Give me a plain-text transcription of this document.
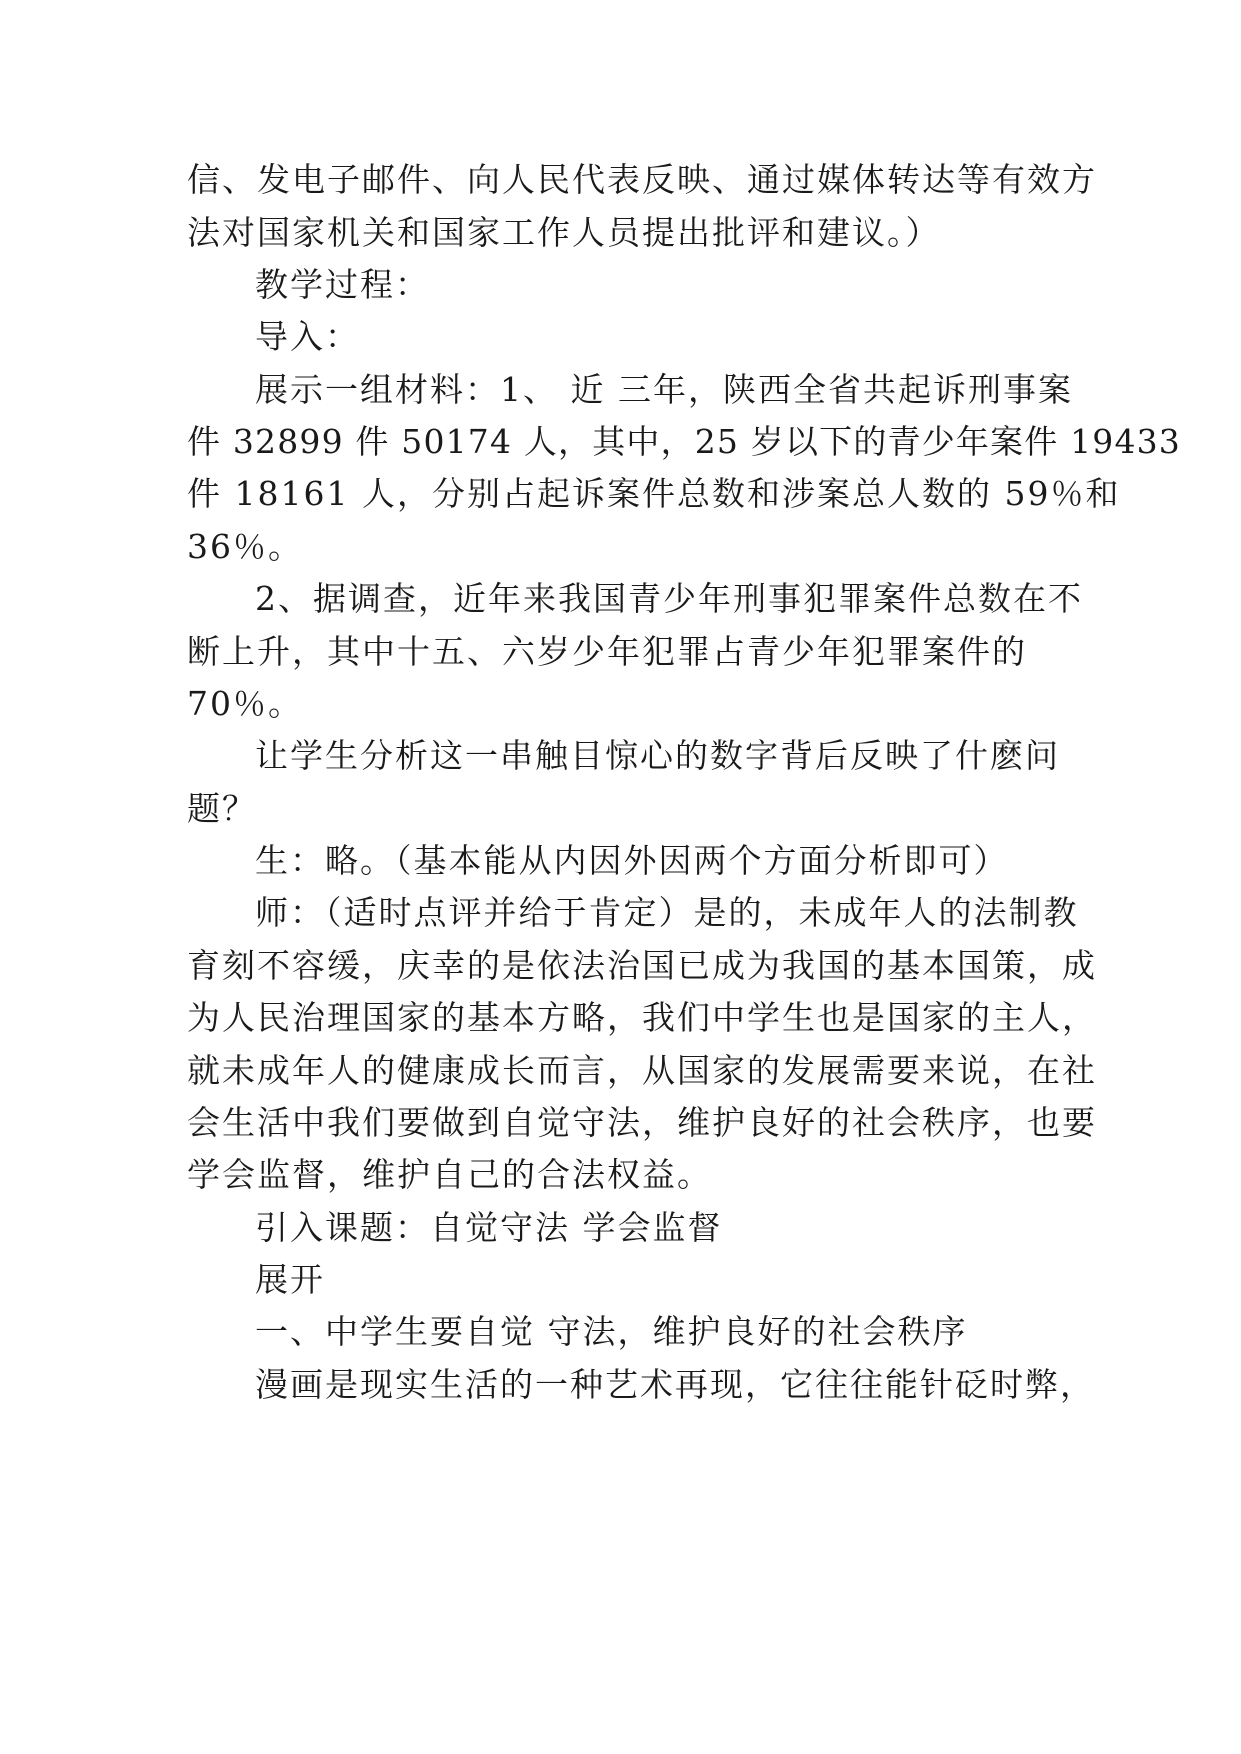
信、发电子邮件、向人民代表反映、通过媒体转达等有效方
法对国家机关和国家工作人员提出批评和建议。）
教学过程：
导入：
展示一组材料：1、 近 三年，陕西全省共起诉刑事案
件 32899 件 50174 人，其中，25 岁以下的青少年案件 19433
件 18161 人，分别占起诉案件总数和涉案总人数的 59％和
36％。
2、据调查，近年来我国青少年刑事犯罪案件总数在不
断上升，其中十五、六岁少年犯罪占青少年犯罪案件的
70％。
让学生分析这一串触目惊心的数字背后反映了什麽问
题？
生：略。（基本能从内因外因两个方面分析即可）
师：（适时点评并给于肯定）是的，未成年人的法制教
育刻不容缓，庆幸的是依法治国已成为我国的基本国策，成
为人民治理国家的基本方略，我们中学生也是国家的主人，
就未成年人的健康成长而言，从国家的发展需要来说，在社
会生活中我们要做到自觉守法，维护良好的社会秩序，也要
学会监督，维护自己的合法权益。
引入课题：自觉守法 学会监督
展开
一、中学生要自觉 守法，维护良好的社会秩序
漫画是现实生活的一种艺术再现，它往往能针砭时弊，
